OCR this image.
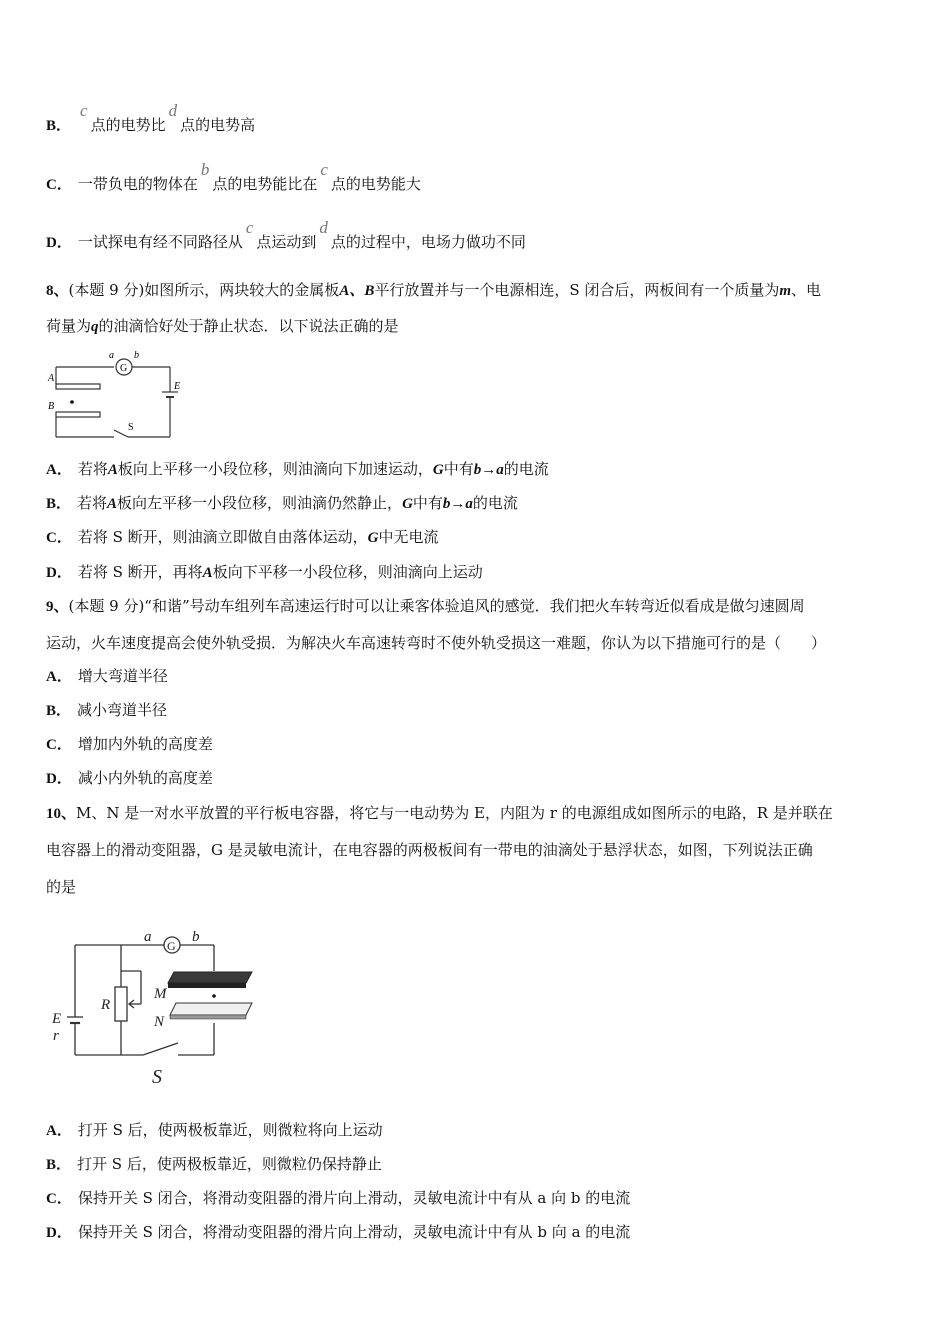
B．c点的电势比d点的电势高
C． 一带负电的物体在b点的电势能比在c点的电势能大
D． 一试探电有经不同路径从c点运动到d点的过程中，电场力做功不同
8、(本题 9 分)如图所示，两块较大的金属板A、B平行放置并与一个电源相连，S 闭合后，两板间有一个质量为m、电
荷量为q的油滴恰好处于静止状态．以下说法正确的是
a
G
b
A
B
E
S
A． 若将A板向上平移一小段位移，则油滴向下加速运动，G中有b→a的电流
B． 若将A板向左平移一小段位移，则油滴仍然静止，G中有b→a的电流
C． 若将 S 断开，则油滴立即做自由落体运动，G中无电流
D． 若将 S 断开，再将A板向下平移一小段位移，则油滴向上运动
9、(本题 9 分)“和谐”号动车组列车高速运行时可以让乘客体验追风的感觉．我们把火车转弯近似看成是做匀速圆周
运动，火车速度提高会使外轨受损．为解决火车高速转弯时不使外轨受损这一难题，你认为以下措施可行的是（　　）
A． 增大弯道半径
B． 减小弯道半径
C． 增加内外轨的高度差
D． 减小内外轨的高度差
10、M、N 是一对水平放置的平行板电容器，将它与一电动势为 E，内阻为 r 的电源组成如图所示的电路，R 是并联在
电容器上的滑动变阻器，G 是灵敏电流计，在电容器的两极板间有一带电的油滴处于悬浮状态，如图，下列说法正确
的是
a
G
b
R
M
N
E
r
S
A． 打开 S 后，使两极板靠近，则微粒将向上运动
B． 打开 S 后，使两极板靠近，则微粒仍保持静止
C． 保持开关 S 闭合，将滑动变阻器的滑片向上滑动，灵敏电流计中有从 a 向 b 的电流
D． 保持开关 S 闭合，将滑动变阻器的滑片向上滑动，灵敏电流计中有从 b 向 a 的电流
